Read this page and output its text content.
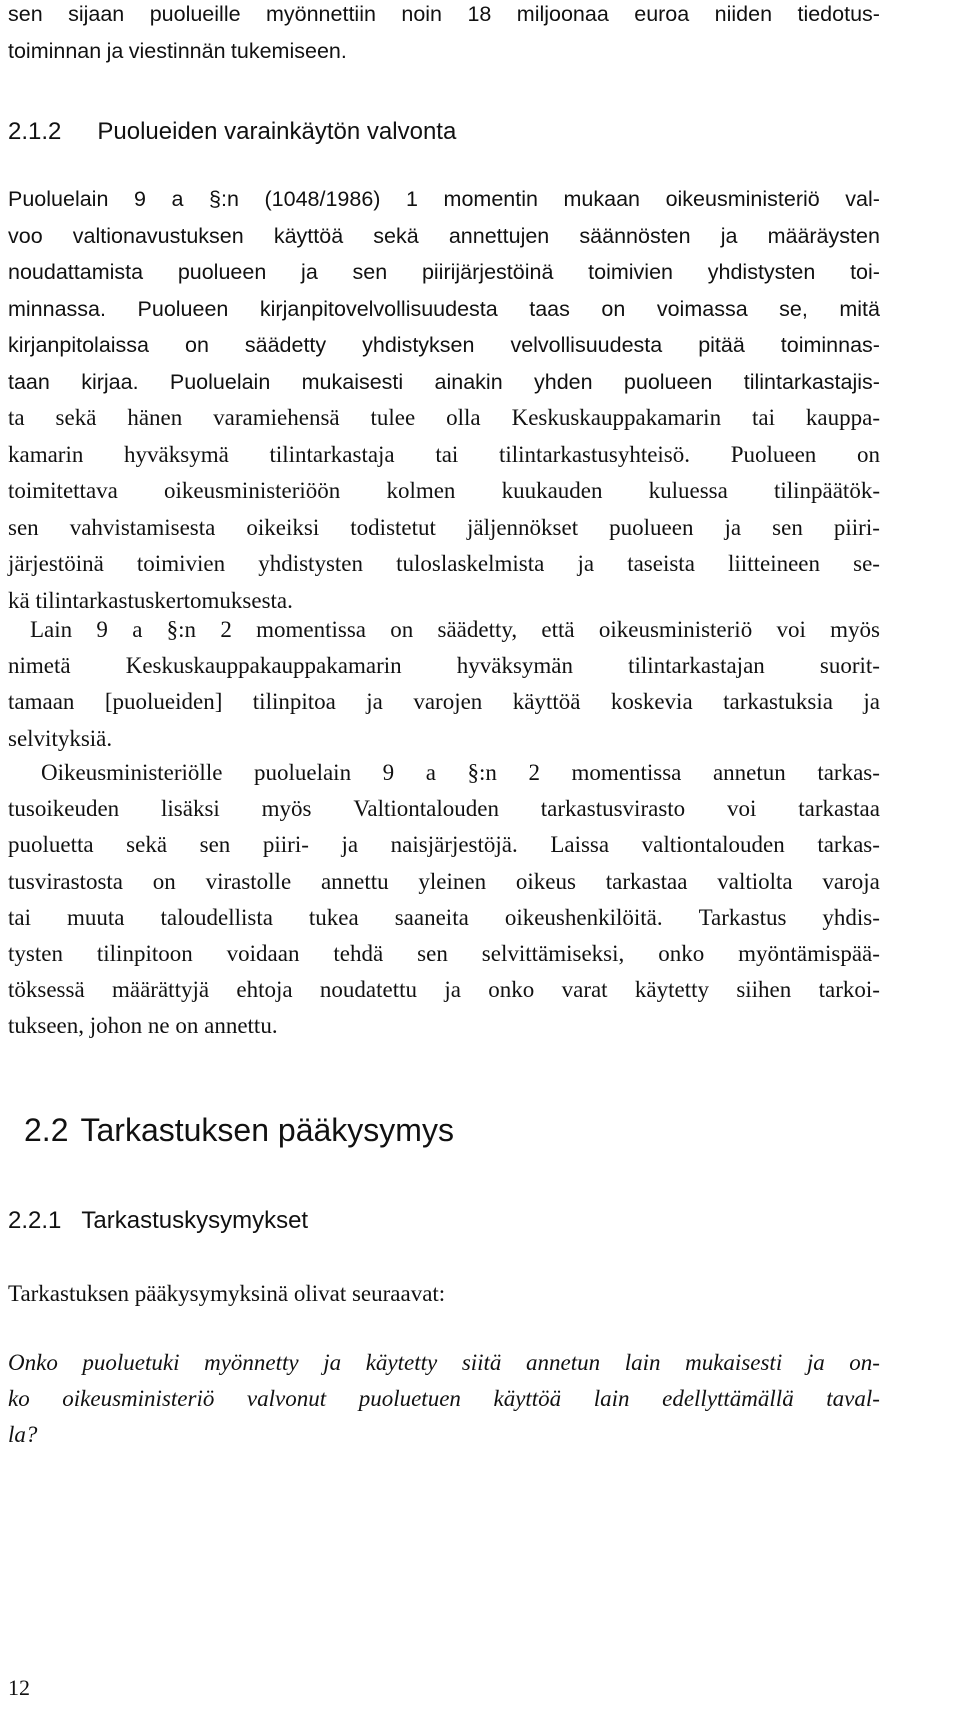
sen sijaan puolueille myönnettiin noin 18 miljoonaa euroa niiden tiedotus-
toiminnan ja viestinnän tukemiseen.
2.1.2 Puolueiden varainkäytön valvonta
Puoluelain 9 a §:n (1048/1986) 1 momentin mukaan oikeusministeriö val-
voo valtionavustuksen käyttöä sekä annettujen säännösten ja määräysten
noudattamista puolueen ja sen piirijärjestöinä toimivien yhdistysten toi-
minnassa. Puolueen kirjanpitovelvollisuudesta taas on voimassa se, mitä
kirjanpitolaissa on säädetty yhdistyksen velvollisuudesta pitää toiminnas-
taan kirjaa. Puoluelain mukaisesti ainakin yhden puolueen tilintarkastajis-
ta sekä hänen varamiehensä tulee olla Keskuskauppakamarin tai kauppa-
kamarin hyväksymä tilintarkastaja tai tilintarkastusyhteisö. Puolueen on
toimitettava oikeusministeriöön kolmen kuukauden kuluessa tilinpäätök-
sen vahvistamisesta oikeiksi todistetut jäljennökset puolueen ja sen piiri-
järjestöinä toimivien yhdistysten tuloslaskelmista ja taseista liitteineen se-
kä tilintarkastuskertomuksesta.
Lain 9 a §:n 2 momentissa on säädetty, että oikeusministeriö voi myös
nimetä Keskuskauppakauppakamarin hyväksymän tilintarkastajan suorit-
tamaan [puolueiden] tilinpitoa ja varojen käyttöä koskevia tarkastuksia ja
selvityksiä.
Oikeusministeriölle puoluelain 9 a §:n 2 momentissa annetun tarkas-
tusoikeuden lisäksi myös Valtiontalouden tarkastusvirasto voi tarkastaa
puoluetta sekä sen piiri- ja naisjärjestöjä. Laissa valtiontalouden tarkas-
tusvirastosta on virastolle annettu yleinen oikeus tarkastaa valtiolta varoja
tai muuta taloudellista tukea saaneita oikeushenkilöitä. Tarkastus yhdis-
tysten tilinpitoon voidaan tehdä sen selvittämiseksi, onko myöntämispää-
töksessä määrättyjä ehtoja noudatettu ja onko varat käytetty siihen tarkoi-
tukseen, johon ne on annettu.
2.2 Tarkastuksen pääkysymys
2.2.1 Tarkastuskysymykset
Tarkastuksen pääkysymyksinä olivat seuraavat:
Onko puoluetuki myönnetty ja käytetty siitä annetun lain mukaisesti ja on-
ko oikeusministeriö valvonut puoluetuen käyttöä lain edellyttämällä taval-
la?
12
